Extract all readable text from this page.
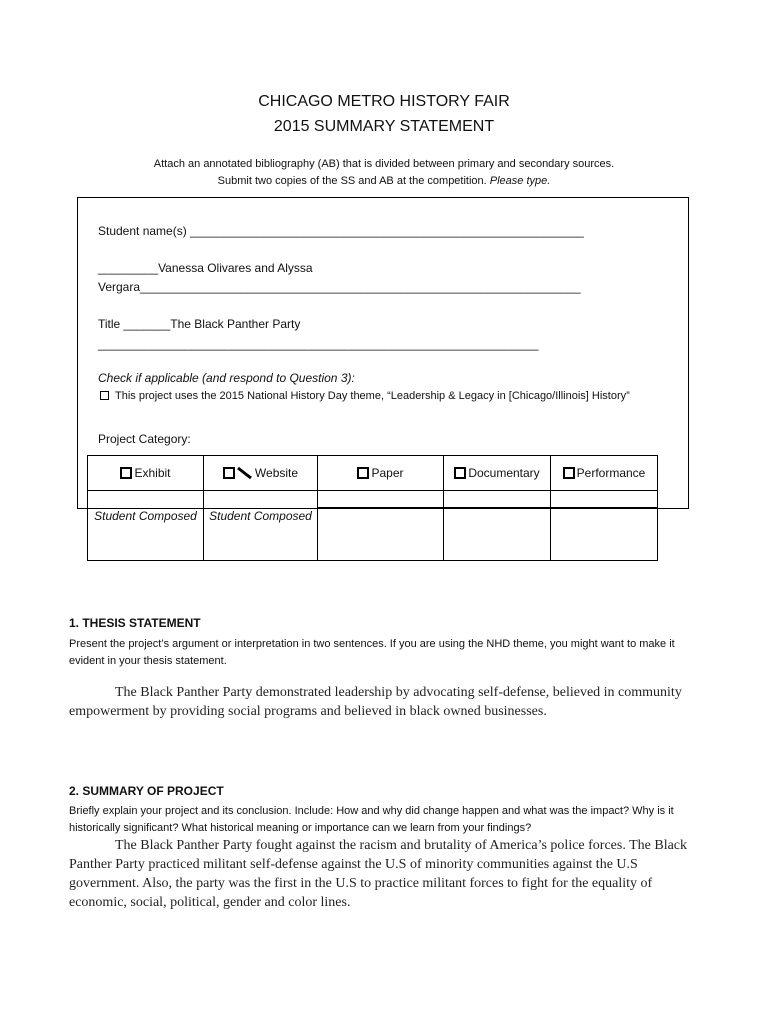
CHICAGO METRO HISTORY FAIR
2015 SUMMARY STATEMENT
Attach an annotated bibliography (AB) that is divided between primary and secondary sources.
Submit two copies of the SS and AB at the competition. Please type.
Student name(s) ___________________________________________________________
_________Vanessa Olivares and Alyssa
Vergara__________________________________________________________________
Title _______The Black Panther Party
__________________________________________________________________
Check if applicable (and respond to Question 3):
This project uses the 2015 National History Day theme, “Leadership & Legacy in [Chicago/Illinois] History”
Project Category:
Exhibit	Website	Paper	Documentary	Performance

Student Composed	Student Composed			

1. THESIS STATEMENT
Present the project’s argument or interpretation in two sentences. If you are using the NHD theme, you might want to make it evident in your thesis statement.
The Black Panther Party demonstrated leadership by advocating self-defense, believed in community empowerment by providing social programs and believed in black owned businesses.
2. SUMMARY OF PROJECT
Briefly explain your project and its conclusion. Include: How and why did change happen and what was the impact? Why is it historically significant? What historical meaning or importance can we learn from your findings?
The Black Panther Party fought against the racism and brutality of America’s police forces. The Black Panther Party practiced militant self-defense against the U.S of minority communities against the U.S government. Also, the party was the first in the U.S to practice militant forces to fight for the equality of economic, social, political, gender and color lines.
